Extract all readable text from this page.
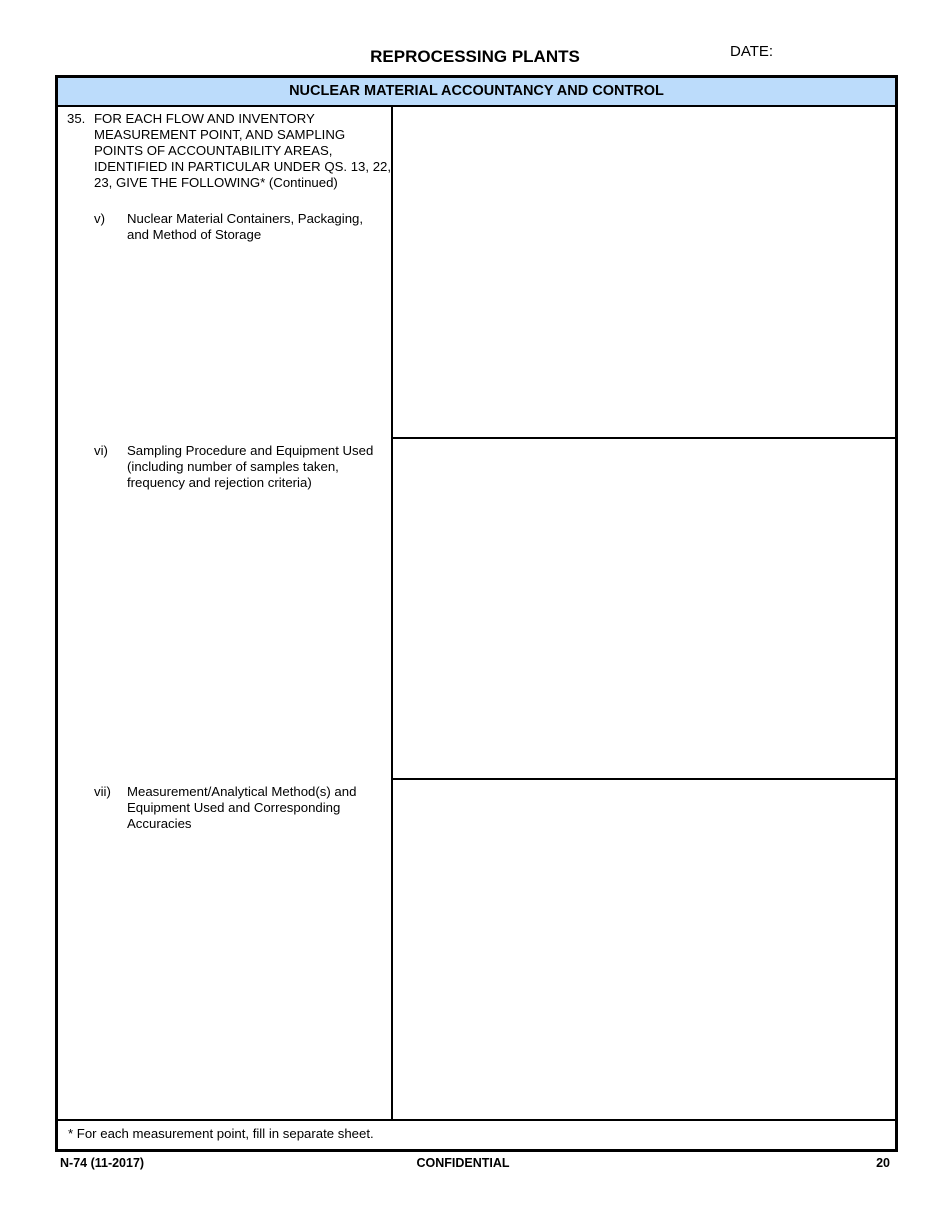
REPROCESSING PLANTS	DATE:
NUCLEAR MATERIAL ACCOUNTANCY AND CONTROL
35. FOR EACH FLOW AND INVENTORY MEASUREMENT POINT, AND SAMPLING POINTS OF ACCOUNTABILITY AREAS, IDENTIFIED IN PARTICULAR UNDER QS. 13, 22, 23, GIVE THE FOLLOWING* (Continued)
v) Nuclear Material Containers, Packaging, and Method of Storage
vi) Sampling Procedure and Equipment Used
(including number of samples taken, frequency and rejection criteria)
vii) Measurement/Analytical Method(s) and Equipment Used and Corresponding Accuracies
* For each measurement point, fill in separate sheet.
N-74 (11-2017)	CONFIDENTIAL	20
